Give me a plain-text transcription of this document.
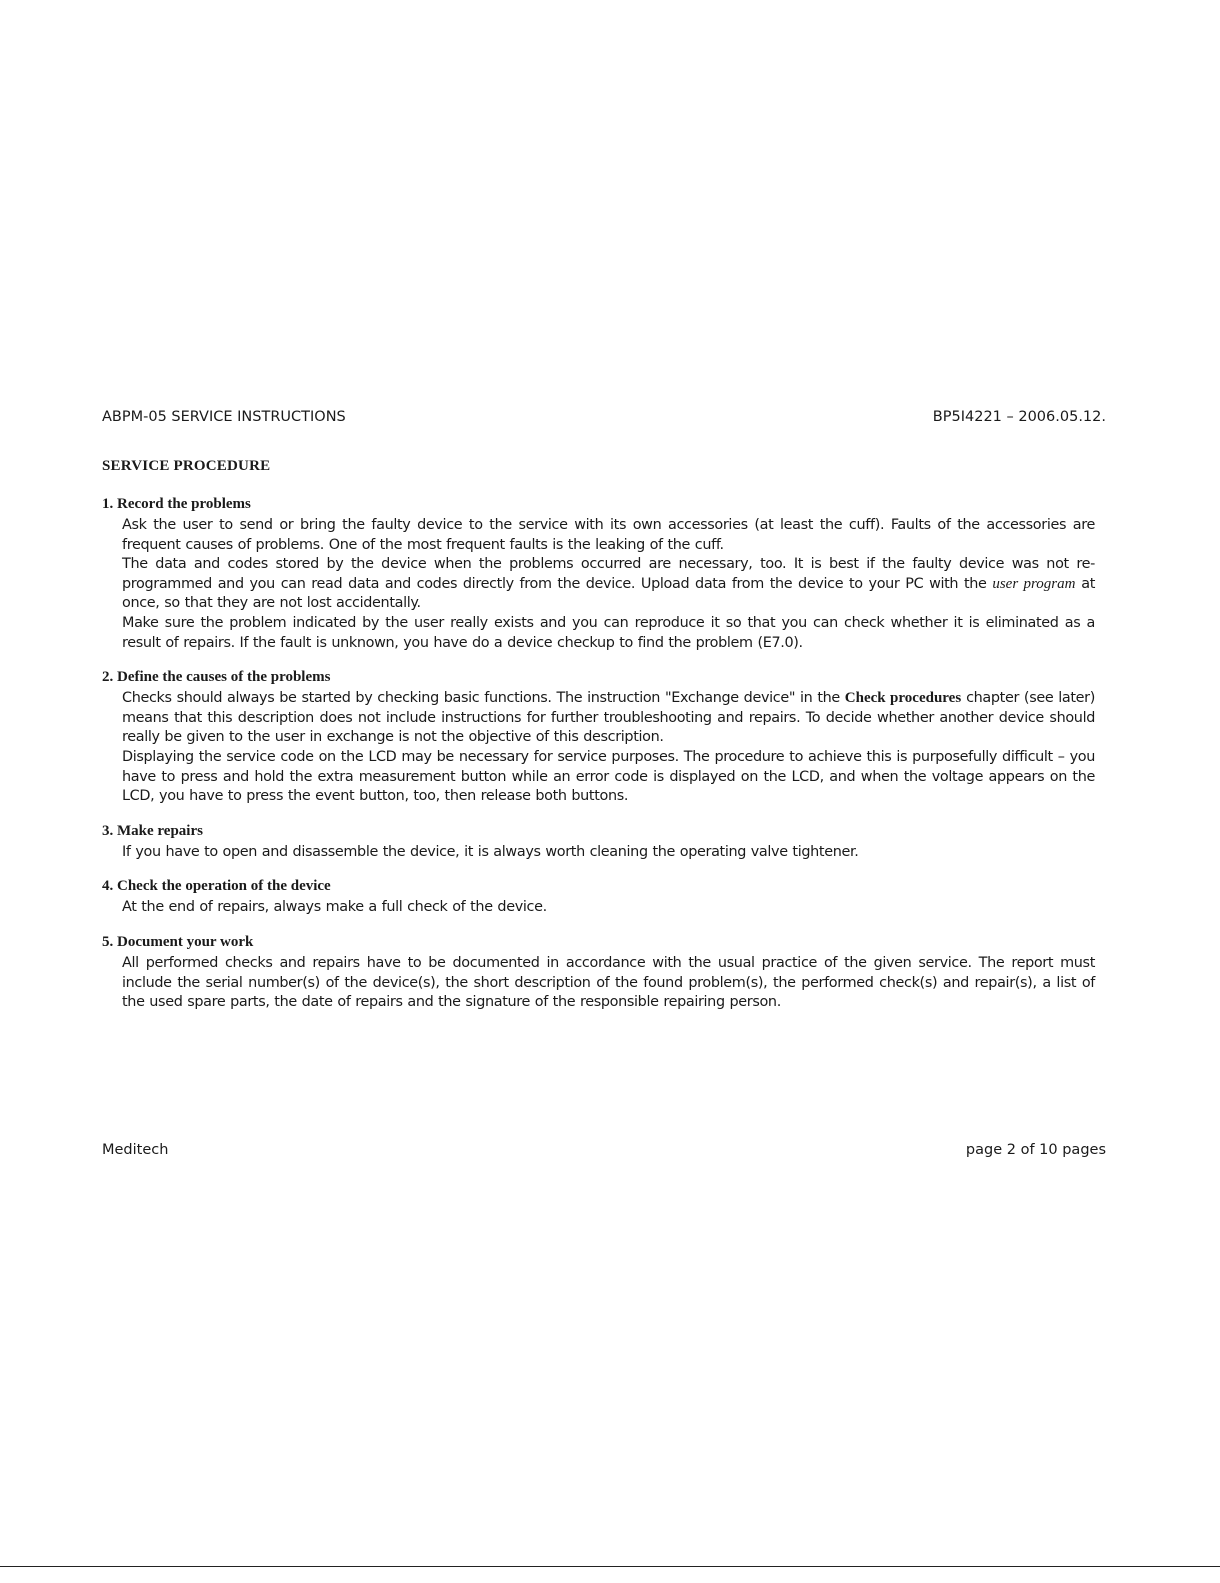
ABPM-05 SERVICE INSTRUCTIONS	BP5I4221 – 2006.05.12.
SERVICE PROCEDURE
1. Record the problems

Ask the user to send or bring the faulty device to the service with its own accessories (at least the cuff). Faults of the accessories are frequent causes of problems. One of the most frequent faults is the leaking of the cuff.

The data and codes stored by the device when the problems occurred are necessary, too. It is best if the faulty device was not re-programmed and you can read data and codes directly from the device. Upload data from the device to your PC with the user program at once, so that they are not lost accidentally.

Make sure the problem indicated by the user really exists and you can reproduce it so that you can check whether it is eliminated as a result of repairs. If the fault is unknown, you have do a device checkup to find the problem (E7.0).

2. Define the causes of the problems

Checks should always be started by checking basic functions. The instruction "Exchange device" in the Check procedures chapter (see later) means that this description does not include instructions for further troubleshooting and repairs. To decide whether another device should really be given to the user in exchange is not the objective of this description.

Displaying the service code on the LCD may be necessary for service purposes. The procedure to achieve this is purposefully difficult – you have to press and hold the extra measurement button while an error code is displayed on the LCD, and when the voltage appears on the LCD, you have to press the event button, too, then release both buttons.

3. Make repairs

If you have to open and disassemble the device, it is always worth cleaning the operating valve tightener.

4. Check the operation of the device

At the end of repairs, always make a full check of the device.

5. Document your work

All performed checks and repairs have to be documented in accordance with the usual practice of the given service. The report must include the serial number(s) of the device(s), the short description of the found problem(s), the performed check(s) and repair(s), a list of the used spare parts, the date of repairs and the signature of the responsible repairing person.

Meditech	page 2 of 10 pages
